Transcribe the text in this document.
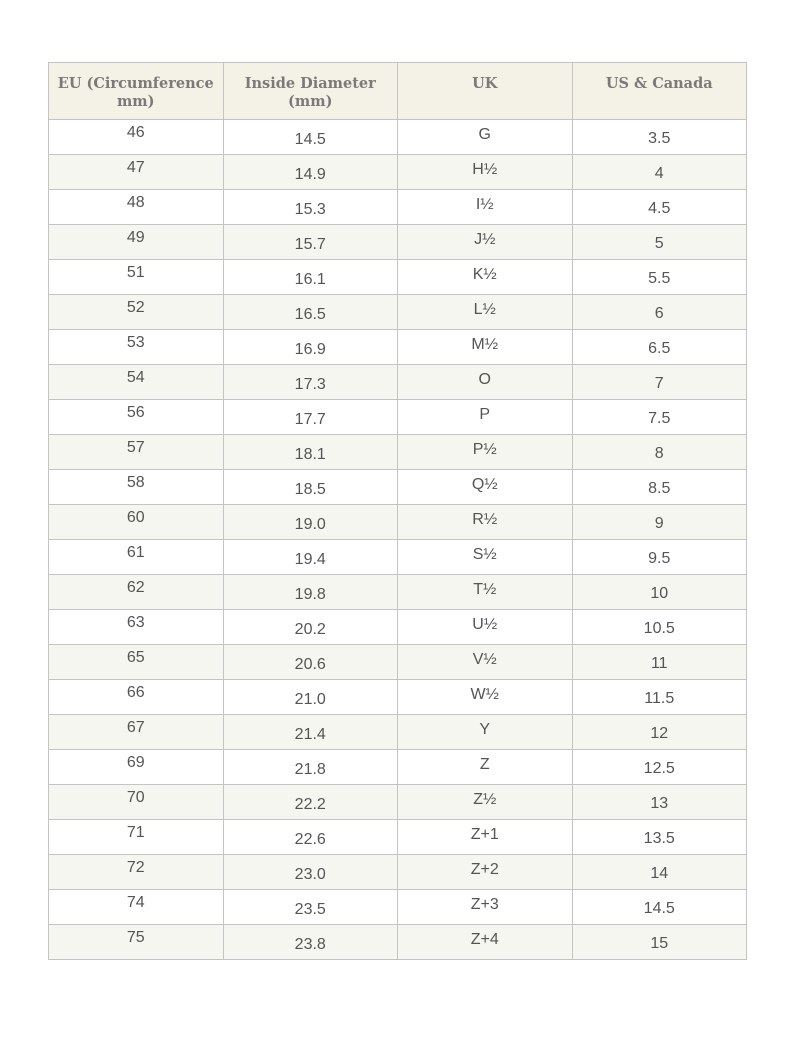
EU (Circumference mm)	Inside Diameter (mm)	UK	US & Canada
46	14.5	G	3.5
47	14.9	H½	4
48	15.3	I½	4.5
49	15.7	J½	5
51	16.1	K½	5.5
52	16.5	L½	6
53	16.9	M½	6.5
54	17.3	O	7
56	17.7	P	7.5
57	18.1	P½	8
58	18.5	Q½	8.5
60	19.0	R½	9
61	19.4	S½	9.5
62	19.8	T½	10
63	20.2	U½	10.5
65	20.6	V½	11
66	21.0	W½	11.5
67	21.4	Y	12
69	21.8	Z	12.5
70	22.2	Z½	13
71	22.6	Z+1	13.5
72	23.0	Z+2	14
74	23.5	Z+3	14.5
75	23.8	Z+4	15
